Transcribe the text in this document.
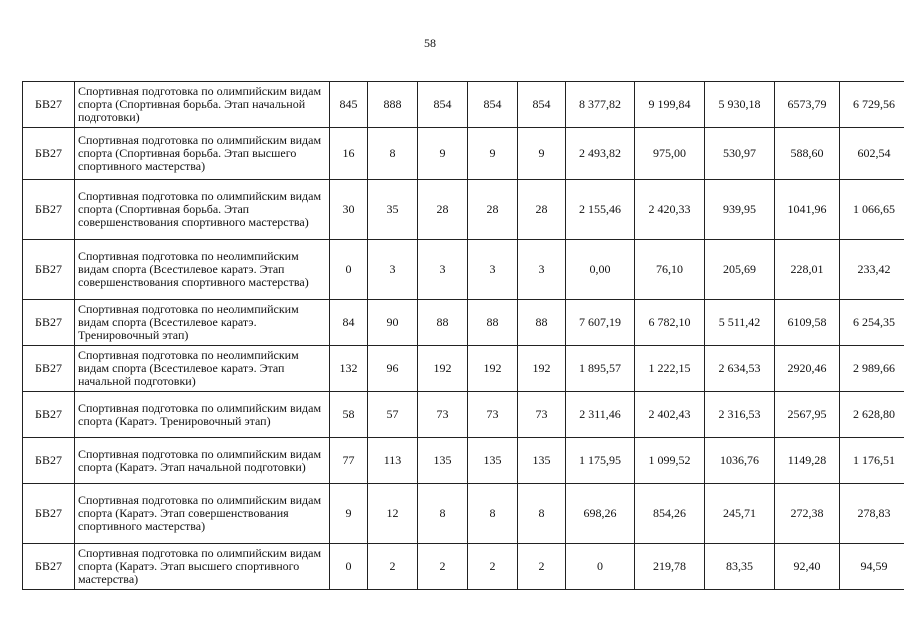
58
БВ27	Спортивная подготовка по олимпийским видам спорта (Спортивная борьба. Этап начальной подготовки)	845	888	854	854	854	8 377,82	9 199,84	5 930,18	6573,79	6 729,56
БВ27	Спортивная подготовка по олимпийским видам спорта (Спортивная борьба. Этап высшего спортивного мастерства)	16	8	9	9	9	2 493,82	975,00	530,97	588,60	602,54
БВ27	Спортивная подготовка по олимпийским видам спорта (Спортивная борьба. Этап совершенствования спортивного мастерства)	30	35	28	28	28	2 155,46	2 420,33	939,95	1041,96	1 066,65
БВ27	Спортивная подготовка по неолимпийским видам спорта (Всестилевое каратэ. Этап совершенствования спортивного мастерства)	0	3	3	3	3	0,00	76,10	205,69	228,01	233,42
БВ27	Спортивная подготовка по неолимпийским видам спорта (Всестилевое каратэ. Тренировочный этап)	84	90	88	88	88	7 607,19	6 782,10	5 511,42	6109,58	6 254,35
БВ27	Спортивная подготовка по неолимпийским видам спорта (Всестилевое каратэ. Этап начальной подготовки)	132	96	192	192	192	1 895,57	1 222,15	2 634,53	2920,46	2 989,66
БВ27	Спортивная подготовка по олимпийским видам спорта (Каратэ. Тренировочный этап)	58	57	73	73	73	2 311,46	2 402,43	2 316,53	2567,95	2 628,80
БВ27	Спортивная подготовка по олимпийским видам спорта (Каратэ. Этап начальной подготовки)	77	113	135	135	135	1 175,95	1 099,52	1036,76	1149,28	1 176,51
БВ27	Спортивная подготовка по олимпийским видам спорта (Каратэ. Этап совершенствования спортивного мастерства)	9	12	8	8	8	698,26	854,26	245,71	272,38	278,83
БВ27	Спортивная подготовка по олимпийским видам спорта (Каратэ. Этап высшего спортивного мастерства)	0	2	2	2	2	0	219,78	83,35	92,40	94,59
